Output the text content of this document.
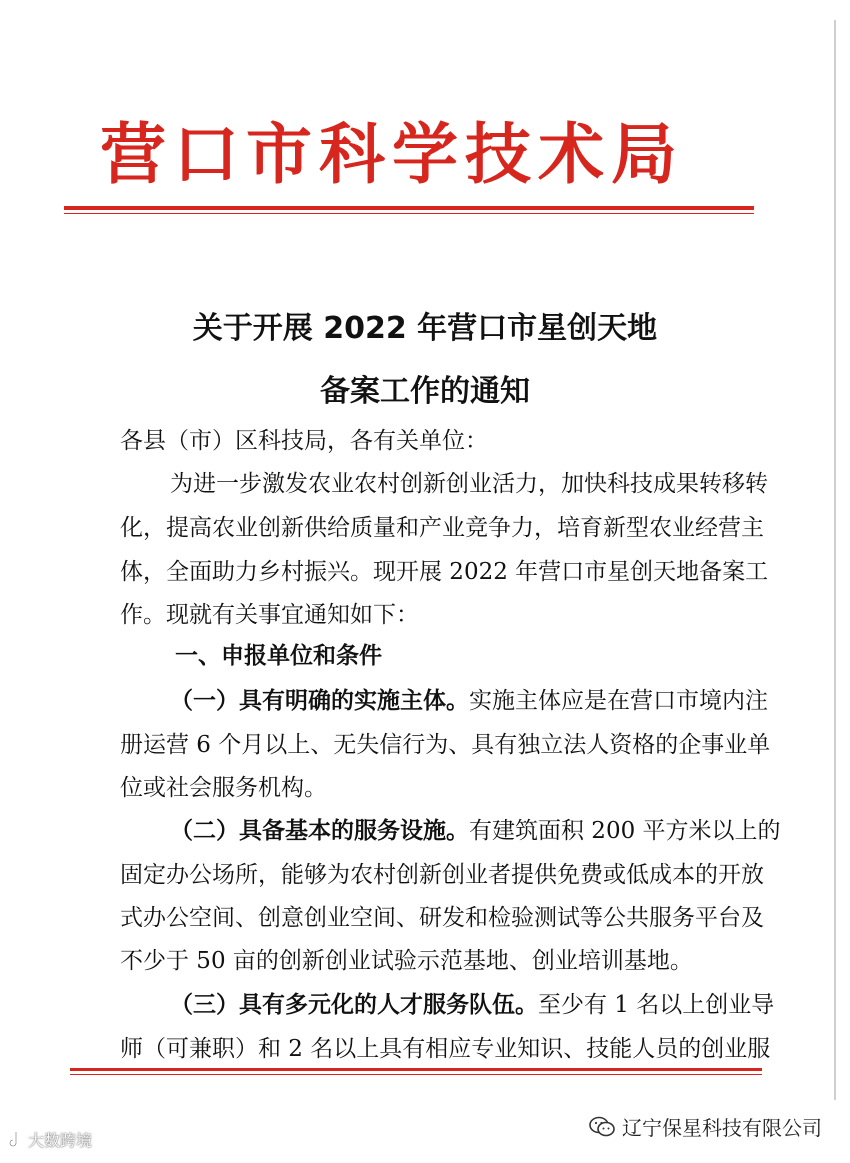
营口市科学技术局
关于开展 2022 年营口市星创天地
备案工作的通知
各县（市）区科技局，各有关单位：
为进一步激发农业农村创新创业活力，加快科技成果转移转
化，提高农业创新供给质量和产业竞争力，培育新型农业经营主
体，全面助力乡村振兴。现开展 2022 年营口市星创天地备案工
作。现就有关事宜通知如下：
一、申报单位和条件
（一）具有明确的实施主体。实施主体应是在营口市境内注
册运营 6 个月以上、无失信行为、具有独立法人资格的企事业单
位或社会服务机构。
（二）具备基本的服务设施。有建筑面积 200 平方米以上的
固定办公场所，能够为农村创新创业者提供免费或低成本的开放
式办公空间、创意创业空间、研发和检验测试等公共服务平台及
不少于 50 亩的创新创业试验示范基地、创业培训基地。
（三）具有多元化的人才服务队伍。至少有 1 名以上创业导
师（可兼职）和 2 名以上具有相应专业知识、技能人员的创业服
辽宁保星科技有限公司
大数跨境
